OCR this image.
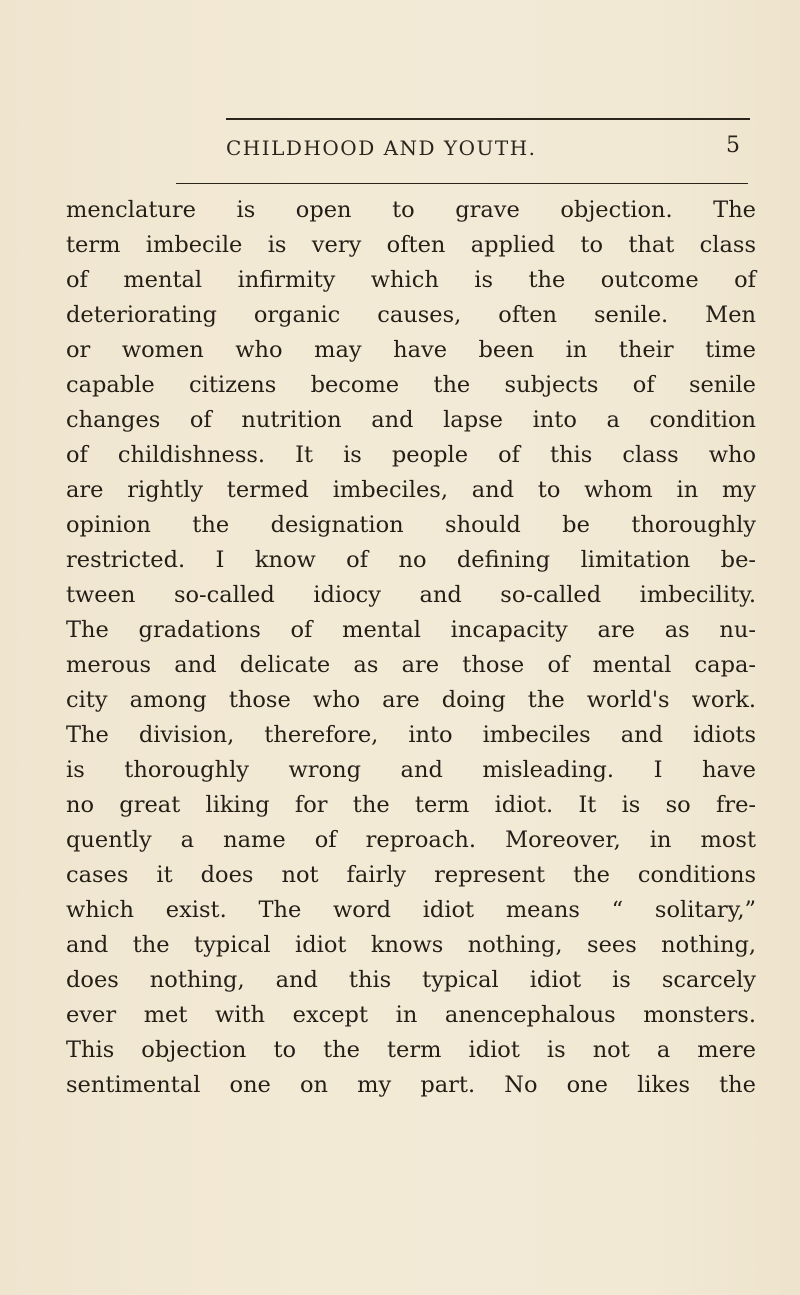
CHILDHOOD AND YOUTH.	5
menclature is open to grave objection. The
term imbecile is very often applied to that class
of mental infirmity which is the outcome of
deteriorating organic causes, often senile. Men
or women who may have been in their time
capable citizens become the subjects of senile
changes of nutrition and lapse into a condition
of childishness. It is people of this class who
are rightly termed imbeciles, and to whom in my
opinion the designation should be thoroughly
restricted. I know of no defining limitation be-
tween so-called idiocy and so-called imbecility.
The gradations of mental incapacity are as nu-
merous and delicate as are those of mental capa-
city among those who are doing the world's work.
The division, therefore, into imbeciles and idiots
is thoroughly wrong and misleading. I have
no great liking for the term idiot. It is so fre-
quently a name of reproach. Moreover, in most
cases it does not fairly represent the conditions
which exist. The word idiot means “ solitary,”
and the typical idiot knows nothing, sees nothing,
does nothing, and this typical idiot is scarcely
ever met with except in anencephalous monsters.
This objection to the term idiot is not a mere
sentimental one on my part. No one likes the
